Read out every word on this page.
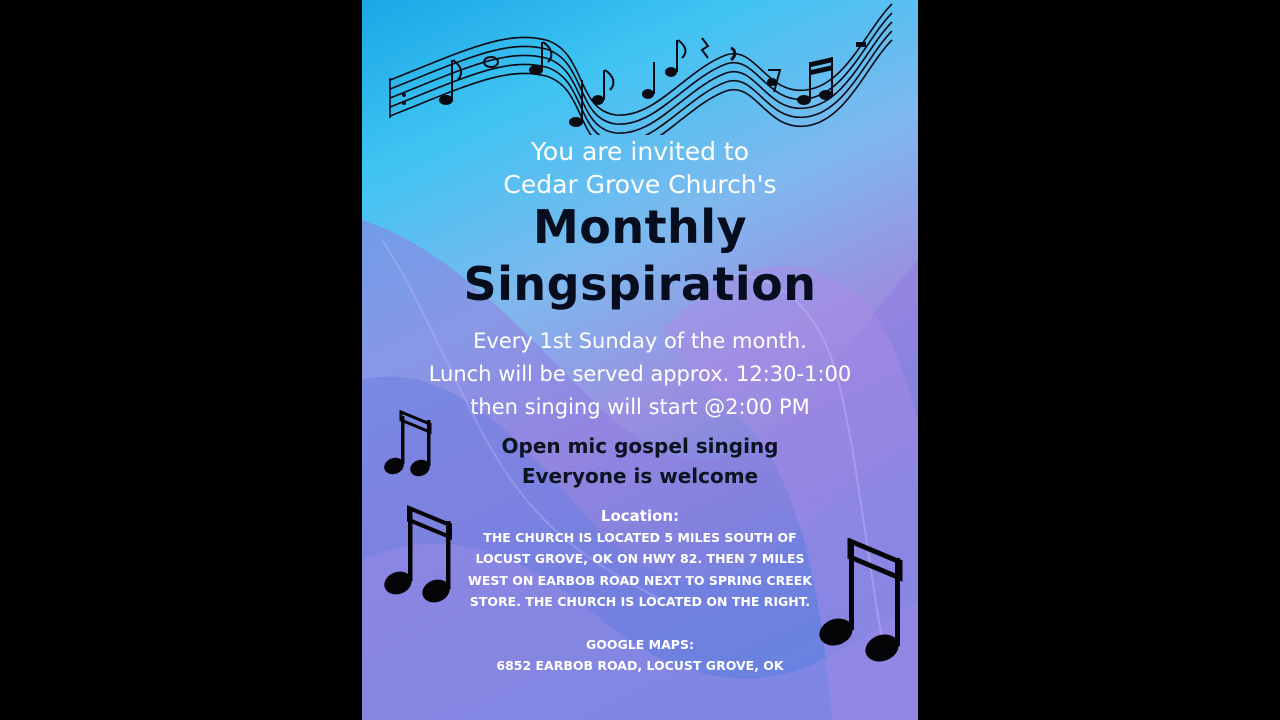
You are invited to

Cedar Grove Church's

Monthly

Singspiration

Every 1st Sunday of the month.

Lunch will be served approx. 12:30-1:00

then singing will start @2:00 PM

Open mic gospel singing

Everyone is welcome

Location:

THE CHURCH IS LOCATED 5 MILES SOUTH OF

LOCUST GROVE, OK ON HWY 82. THEN 7 MILES

WEST ON EARBOB ROAD NEXT TO SPRING CREEK

STORE. THE CHURCH IS LOCATED ON THE RIGHT.

GOOGLE MAPS:

6852 EARBOB ROAD, LOCUST GROVE, OK
